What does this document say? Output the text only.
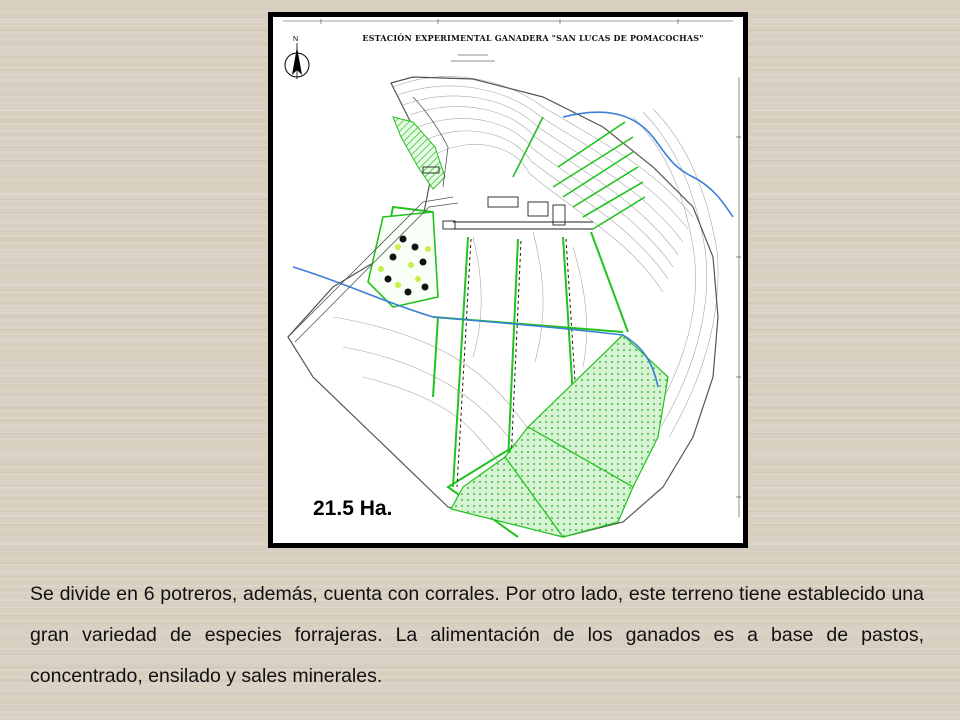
N	ESTACIÓN EXPERIMENTAL GANADERA "SAN LUCAS DE POMACOCHAS"
21.5 Ha.

Se divide en 6 potreros, además, cuenta con corrales. Por otro lado, este terreno tiene establecido una gran variedad de especies forrajeras. La alimentación de los ganados es a base de pastos, concentrado, ensilado y sales minerales.
